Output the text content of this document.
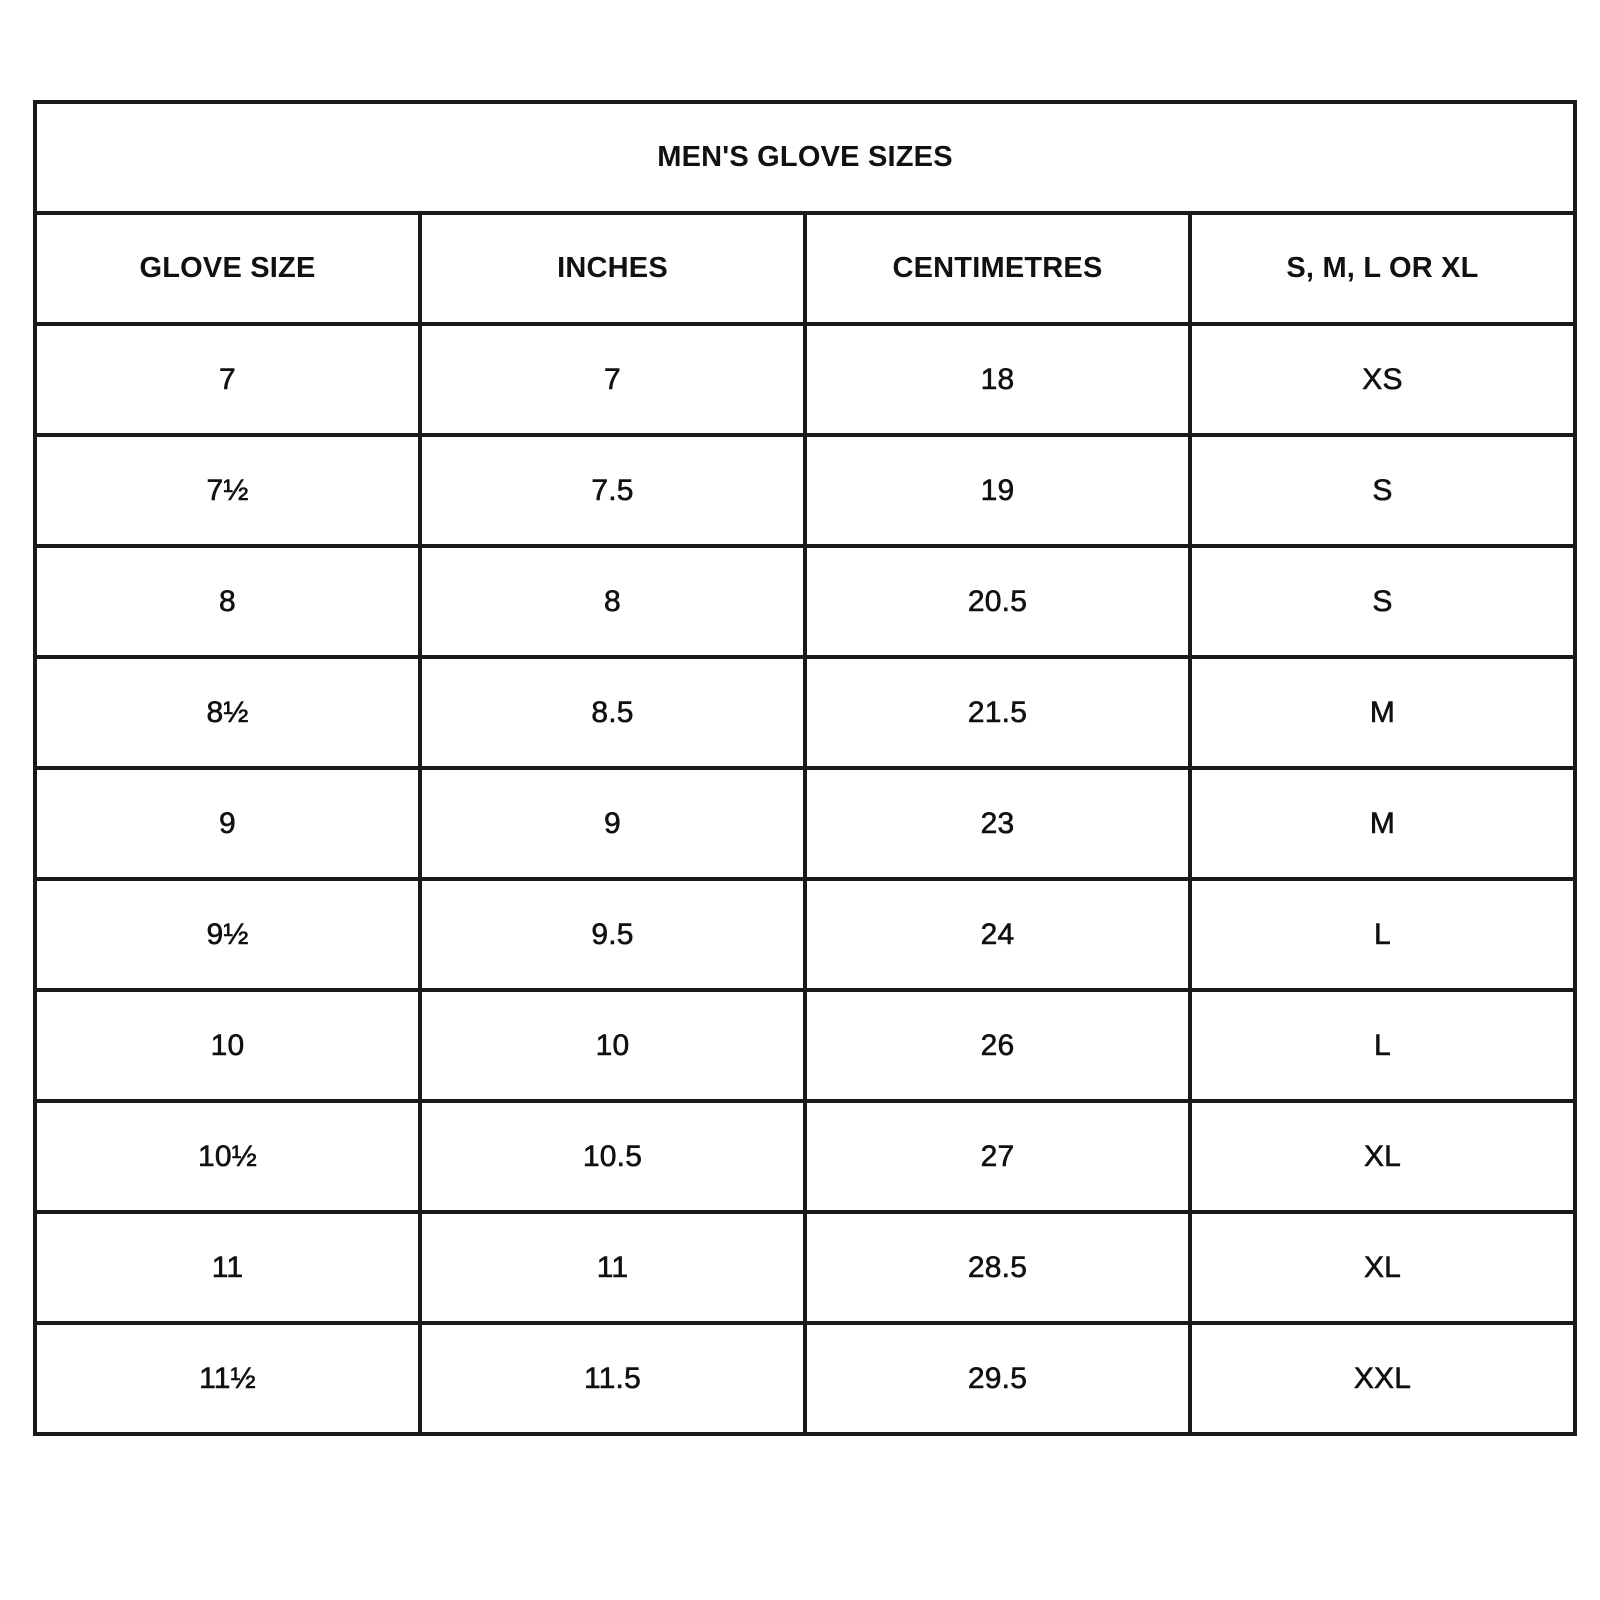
MEN'S GLOVE SIZES			
GLOVE SIZE	INCHES	CENTIMETRES	S, M, L OR XL
7	7	18	XS
7½	7.5	19	S
8	8	20.5	S
8½	8.5	21.5	M
9	9	23	M
9½	9.5	24	L
10	10	26	L
10½	10.5	27	XL
11	11	28.5	XL
11½	11.5	29.5	XXL
